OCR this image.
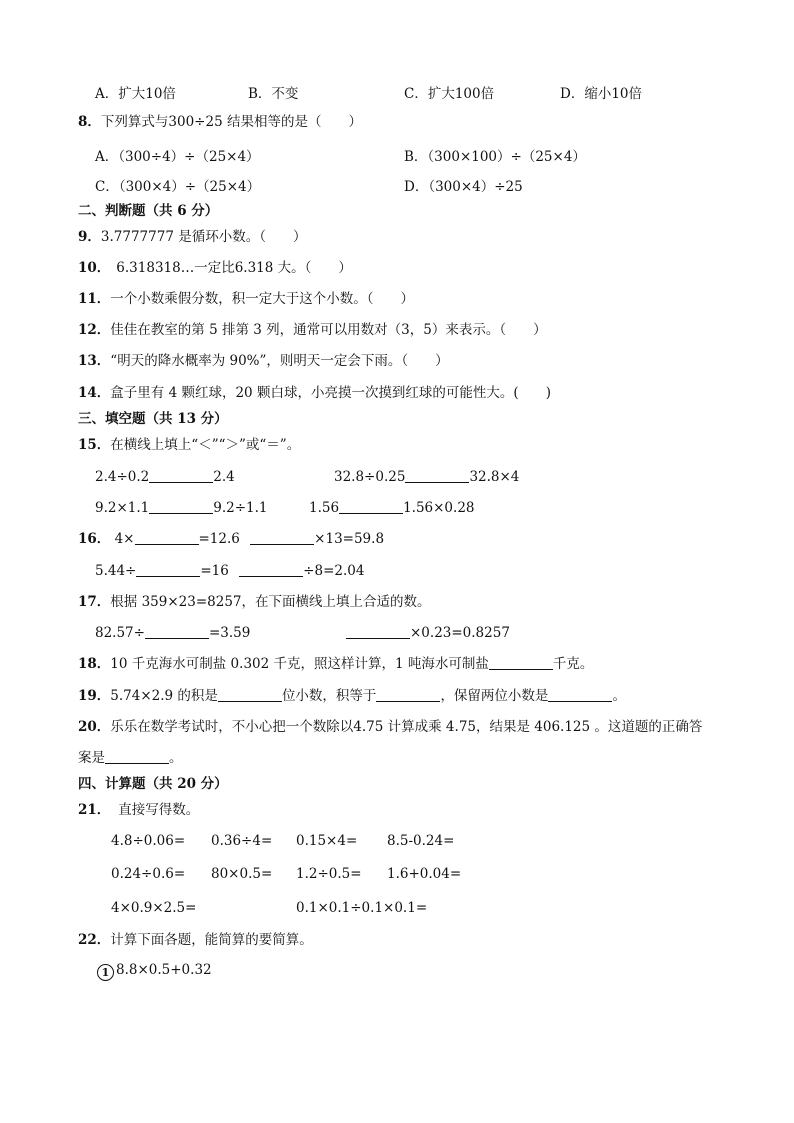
A．扩大10倍	B．不变	C．扩大100倍	D．缩小10倍
8．下列算式与300÷25 结果相等的是（　　）
A．（300÷4）÷（25×4）	B．（300×100）÷（25×4）
C．（300×4）÷（25×4）	D．（300×4）÷25
二、判断题（共 6 分）
9．3.7777777 是循环小数。（　　）
10． 6.318318…一定比6.318 大。（　　）
11．一个小数乘假分数，积一定大于这个小数。（　　）
12．佳佳在教室的第 5 排第 3 列，通常可以用数对（3，5）来表示。（　　）
13．“明天的降水概率为 90%”，则明天一定会下雨。（　　）
14．盒子里有 4 颗红球，20 颗白球，小亮摸一次摸到红球的可能性大。(　　)
三、填空题（共 13 分）
15．在横线上填上“＜”“＞”或“＝”。
2.4÷0.2	2.4	32.8÷0.25	32.8×4
9.2×1.1	9.2÷1.1	1.56	1.56×0.28
16． 4×	=12.6	×13=59.8
5.44÷	=16	÷8=2.04
17．根据 359×23=8257，在下面横线上填上合适的数。
82.57÷	=3.59	×0.23=0.8257
18．10 千克海水可制盐 0.302 千克，照这样计算，1 吨海水可制盐	千克。
19．5.74×2.9 的积是	位小数，积等于	，保留两位小数是	。
20．乐乐在数学考试时，不小心把一个数除以4.75 计算成乘 4.75，结果是 406.125 。这道题的正确答
案是	。
四、计算题（共 20 分）
21． 直接写得数。
4.8÷0.06= 0.36÷4= 0.15×4= 8.5-0.24=
0.24÷0.6= 80×0.5= 1.2÷0.5= 1.6+0.04=
4×0.9×2.5=	0.1×0.1÷0.1×0.1=
22．计算下面各题，能简算的要简算。
1 8.8×0.5+0.32
